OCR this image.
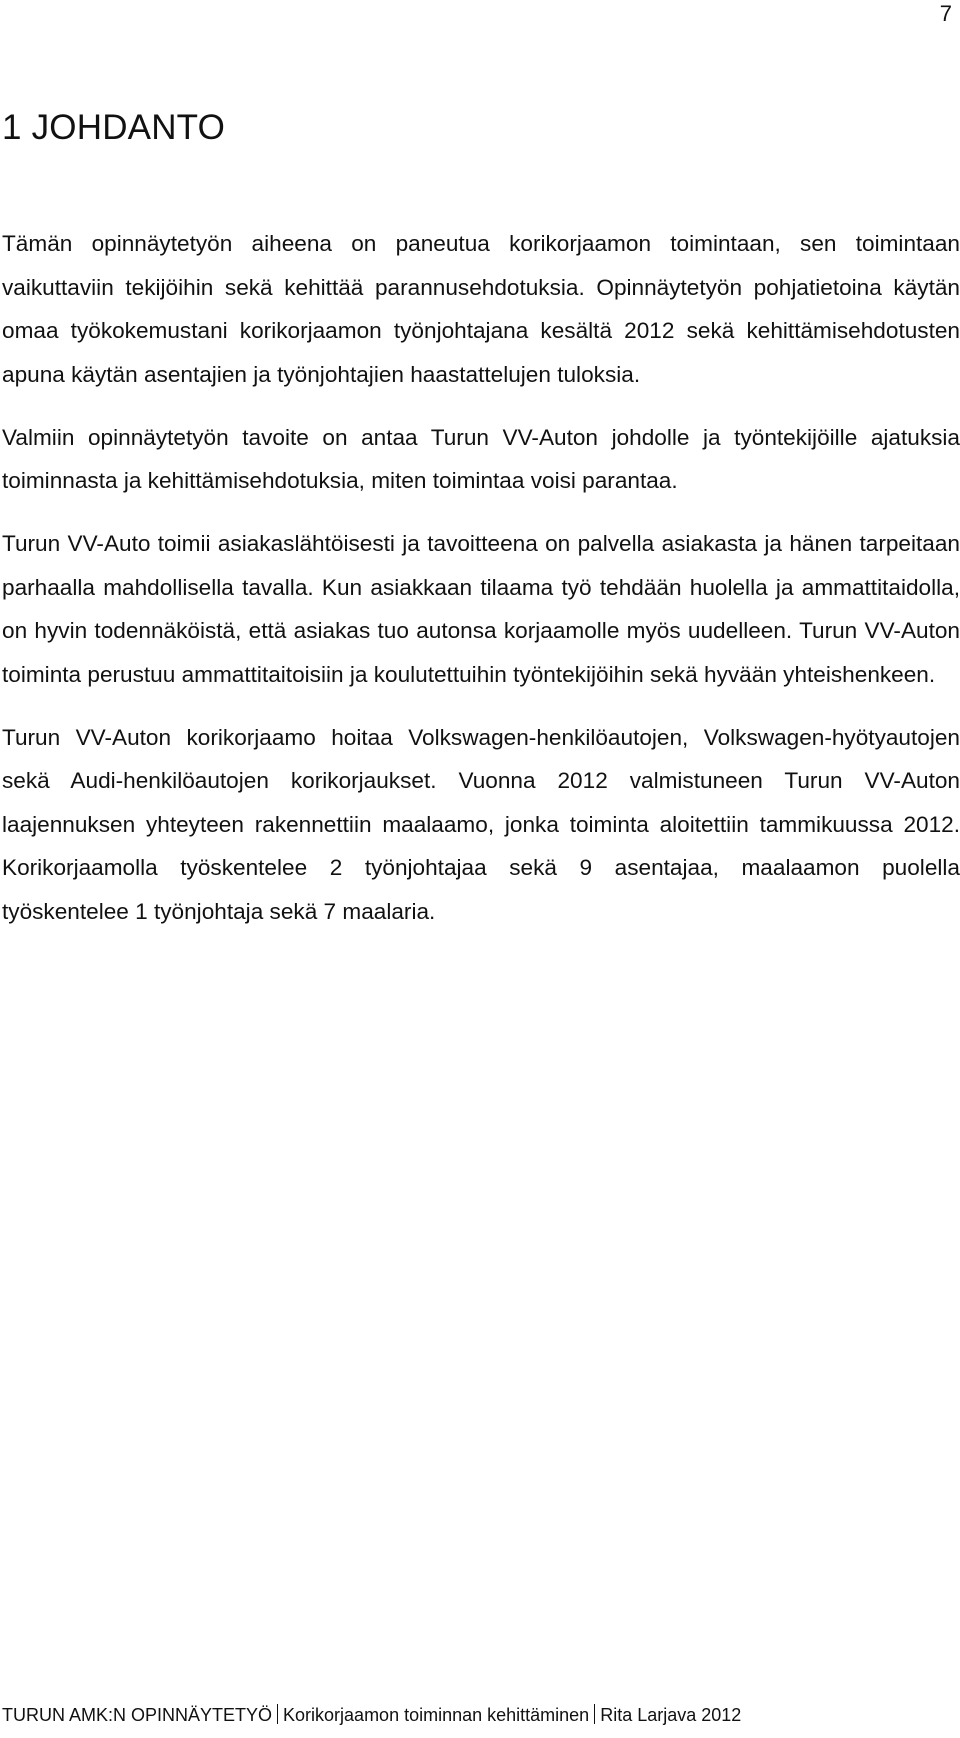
7
1 JOHDANTO

Tämän opinnäytetyön aiheena on paneutua korikorjaamon toimintaan, sen toimintaan vaikuttaviin tekijöihin sekä kehittää parannusehdotuksia. Opinnäytetyön pohjatietoina käytän omaa työkokemustani korikorjaamon työnjohtajana kesältä 2012 sekä kehittämisehdotusten apuna käytän asentajien ja työnjohtajien haastattelujen tuloksia.

Valmiin opinnäytetyön tavoite on antaa Turun VV-Auton johdolle ja työntekijöille ajatuksia toiminnasta ja kehittämisehdotuksia, miten toimintaa voisi parantaa.

Turun VV-Auto toimii asiakaslähtöisesti ja tavoitteena on palvella asiakasta ja hänen tarpeitaan parhaalla mahdollisella tavalla. Kun asiakkaan tilaama työ tehdään huolella ja ammattitaidolla, on hyvin todennäköistä, että asiakas tuo autonsa korjaamolle myös uudelleen. Turun VV-Auton toiminta perustuu ammattitaitoisiin ja koulutettuihin työntekijöihin sekä hyvään yhteishenkeen.

Turun VV-Auton korikorjaamo hoitaa Volkswagen-henkilöautojen, Volkswagen-hyötyautojen sekä Audi-henkilöautojen korikorjaukset. Vuonna 2012 valmistuneen Turun VV-Auton laajennuksen yhteyteen rakennettiin maalaamo, jonka toiminta aloitettiin tammikuussa 2012. Korikorjaamolla työskentelee 2 työnjohtajaa sekä 9 asentajaa, maalaamon puolella työskentelee 1 työnjohtaja sekä 7 maalaria.

TURUN AMK:N OPINNÄYTETYÖ Korikorjaamon toiminnan kehittäminen Rita Larjava 2012
